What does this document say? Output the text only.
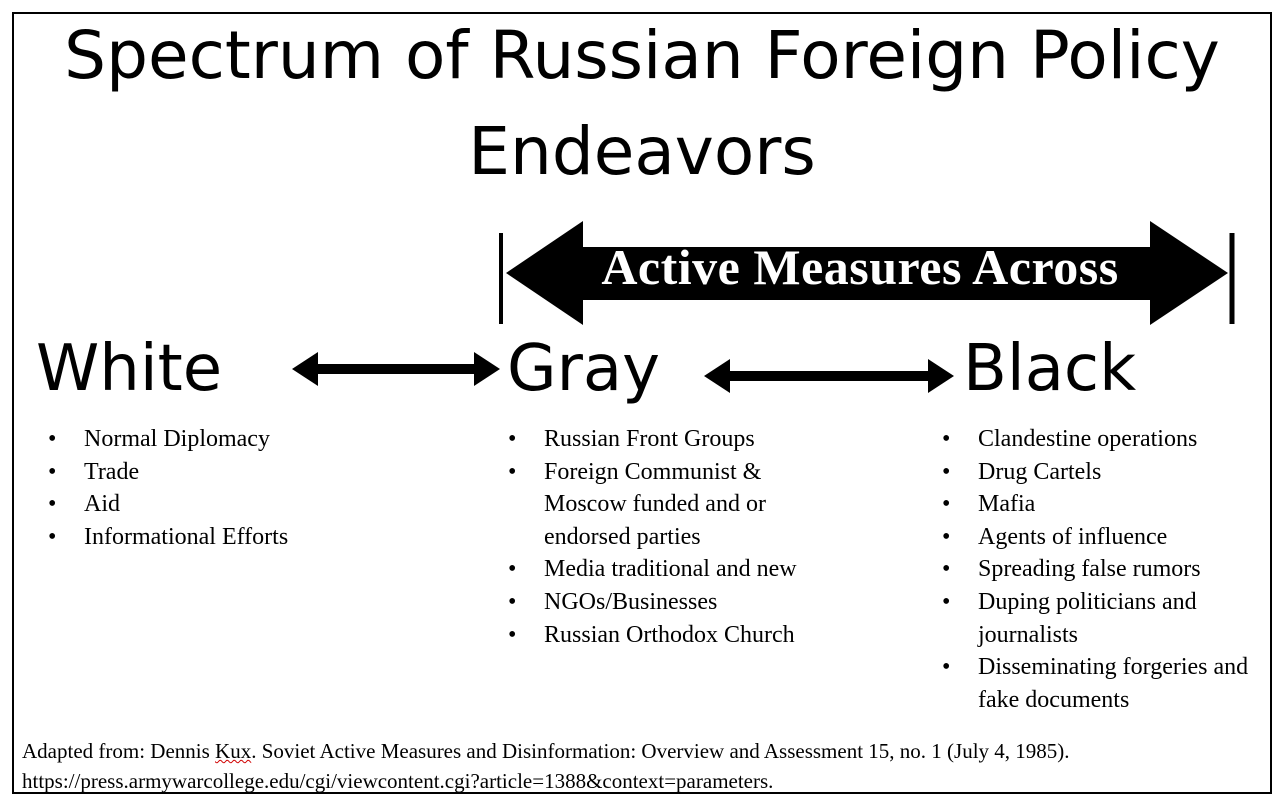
Spectrum of Russian Foreign Policy Endeavors
Active Measures Across
White	Gray	Black
• Normal Diplomacy
• Trade
• Aid
• Informational Efforts
• Russian Front Groups
• Foreign Communist & Moscow funded and or endorsed parties
• Media traditional and new
• NGOs/Businesses
• Russian Orthodox Church
• Clandestine operations
• Drug Cartels
• Mafia
• Agents of influence
• Spreading false rumors
• Duping politicians and journalists
• Disseminating forgeries and fake documents
Adapted from: Dennis Kux. Soviet Active Measures and Disinformation: Overview and Assessment 15, no. 1 (July 4, 1985).
https://press.armywarcollege.edu/cgi/viewcontent.cgi?article=1388&context=parameters.
